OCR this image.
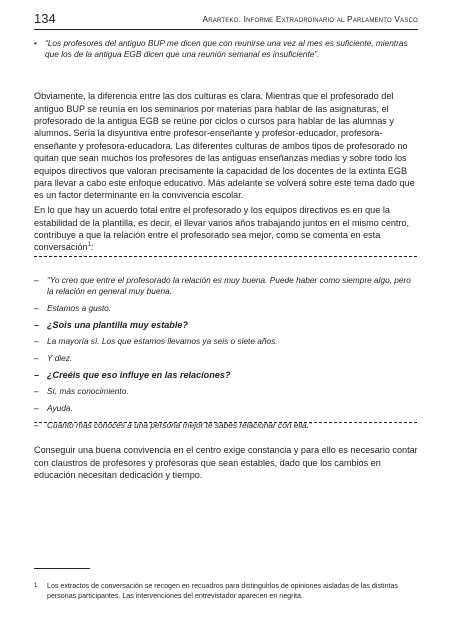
134	Ararteko. Informe Extraordinario al Parlamento Vasco
• “Los profesores del antiguo BUP me dicen que con reunirse una vez al mes es suficiente, mientras que los de la antigua EGB dicen que una reunión semanal es insuficiente”.

Obviamente, la diferencia entre las dos culturas es clara. Mientras que el profesorado del antiguo BUP se reunía en los seminarios por materias para hablar de las asignaturas, el profesorado de la antigua EGB se reúne por ciclos o cursos para hablar de las alumnas y alumnos. Sería la disyuntiva entre profesor-enseñante y profesor-educador, profesora-enseñante y profesora-educadora. Las diferentes culturas de ambos tipos de profesorado no quitan que sean muchos los profesores de las antiguas enseñanzas medias y sobre todo los equipos directivos que valoran precisamente la capacidad de los docentes de la extinta EGB para llevar a cabo este enfoque educativo. Más adelante se volverá sobre este tema dado que es un factor determinante en la convivencia escolar.

En lo que hay un acuerdo total entre el profesorado y los equipos directivos es en que la estabilidad de la plantilla, es decir, el llevar varios años trabajando juntos en el mismo centro, contribuye a que la relación entre el profesorado sea mejor, como se comenta en esta conversación$^1$:

– “Yo creo que entre el profesorado la relación es muy buena. Puede haber como siempre algo, pero la relación en general muy buena.
– Estamos a gusto.
– ¿Sois una plantilla muy estable?
– La mayoría sí. Los que estamos llevamos ya seis o siete años.
– Y diez.
– ¿Creéis que eso influye en las relaciones?
– Sí, más conocimiento.
– Ayuda.
– Cuanto más conoces a una persona mejor te sabes relacionar con ella.”

Conseguir una buena convivencia en el centro exige constancia y para ello es necesario contar con claustros de profesores y profesoras que sean estables, dado que los cambios en educación necesitan dedicación y tiempo.

1 Los extractos de conversación se recogen en recuadros para distinguirlos de opiniones aisladas de las distintas personas participantes. Las intervenciones del entrevistador aparecen en negrita.
